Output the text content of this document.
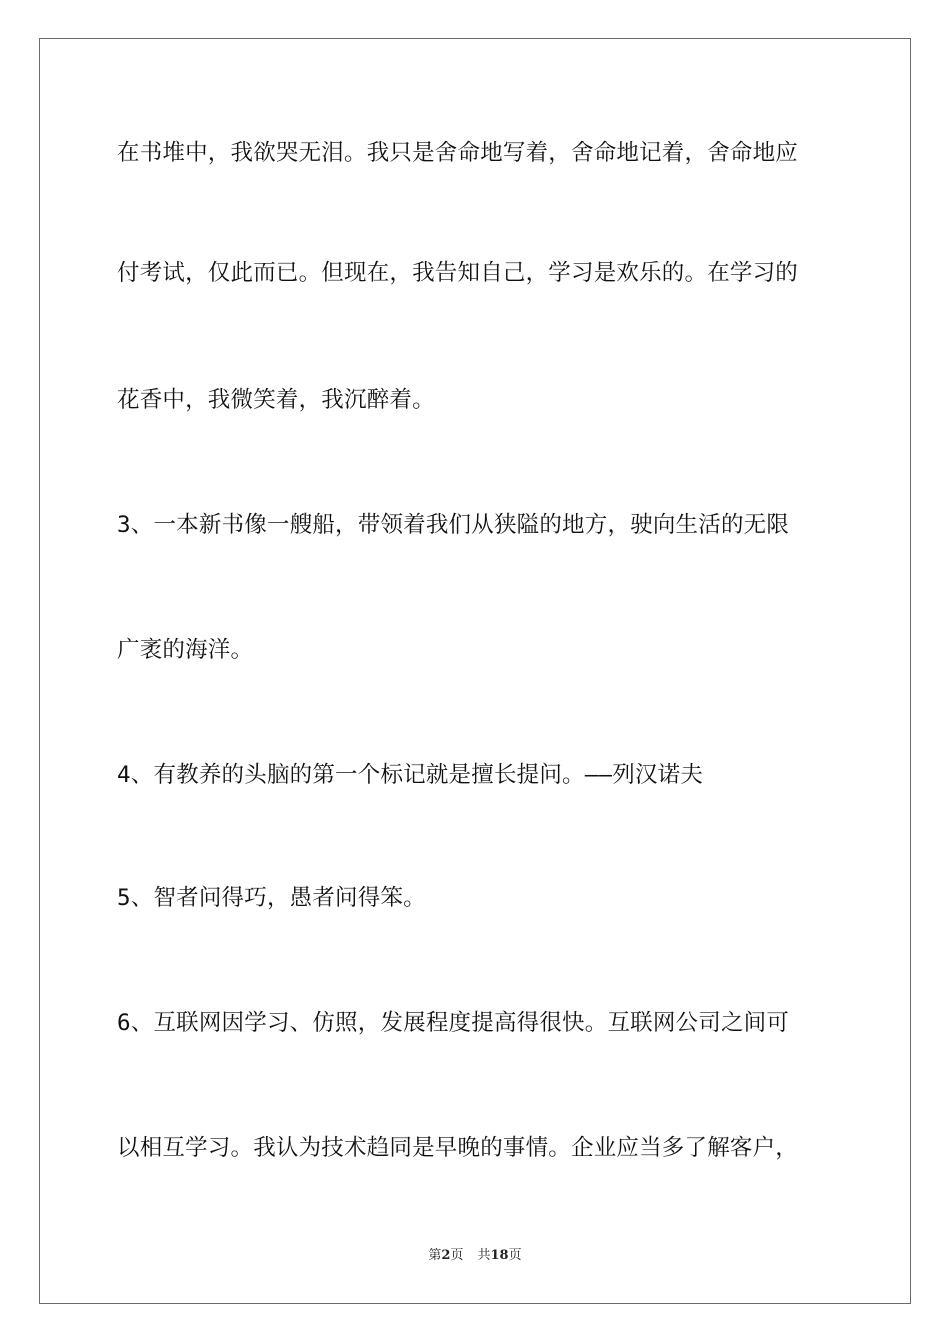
在书堆中，我欲哭无泪。我只是舍命地写着，舍命地记着，舍命地应
付考试，仅此而已。但现在，我告知自己，学习是欢乐的。在学习的
花香中，我微笑着，我沉醉着。
3、一本新书像一艘船，带领着我们从狭隘的地方，驶向生活的无限
广袤的海洋。
4、有教养的头脑的第一个标记就是擅长提问。——列汉诺夫
5、智者问得巧，愚者问得笨。
6、互联网因学习、仿照，发展程度提高得很快。互联网公司之间可
以相互学习。我认为技术趋同是早晚的事情。企业应当多了解客户，
第2页 共18页
